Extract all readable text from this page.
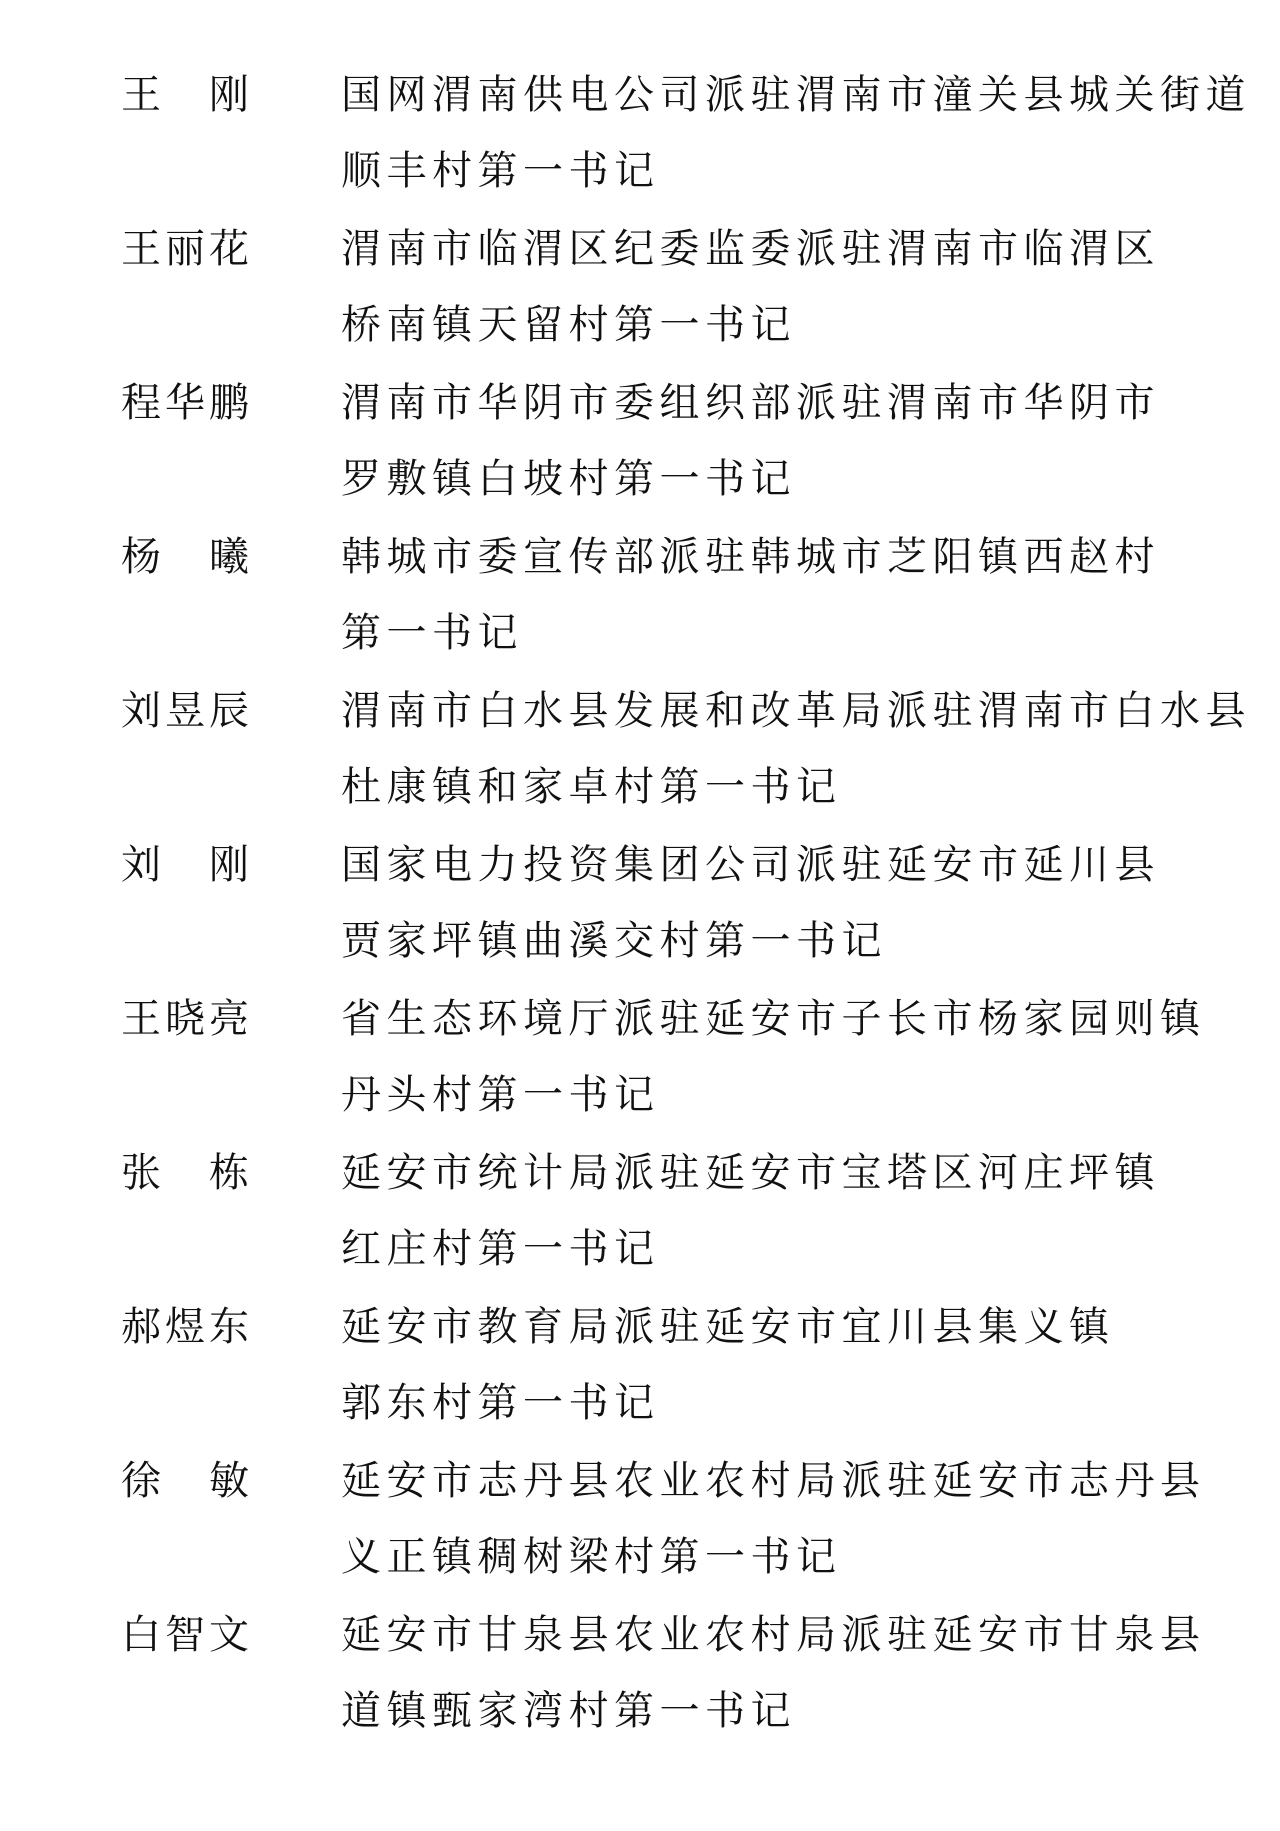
王　刚 国网渭南供电公司派驻渭南市潼关县城关街道
顺丰村第一书记
王丽花 渭南市临渭区纪委监委派驻渭南市临渭区
桥南镇天留村第一书记
程华鹏 渭南市华阴市委组织部派驻渭南市华阴市
罗敷镇白坡村第一书记
杨　曦 韩城市委宣传部派驻韩城市芝阳镇西赵村
第一书记
刘昱辰 渭南市白水县发展和改革局派驻渭南市白水县
杜康镇和家卓村第一书记
刘　刚 国家电力投资集团公司派驻延安市延川县
贾家坪镇曲溪交村第一书记
王晓亮 省生态环境厅派驻延安市子长市杨家园则镇
丹头村第一书记
张　栋 延安市统计局派驻延安市宝塔区河庄坪镇
红庄村第一书记
郝煜东 延安市教育局派驻延安市宜川县集义镇
郭东村第一书记
徐　敏 延安市志丹县农业农村局派驻延安市志丹县
义正镇稠树梁村第一书记
白智文 延安市甘泉县农业农村局派驻延安市甘泉县
道镇甄家湾村第一书记
